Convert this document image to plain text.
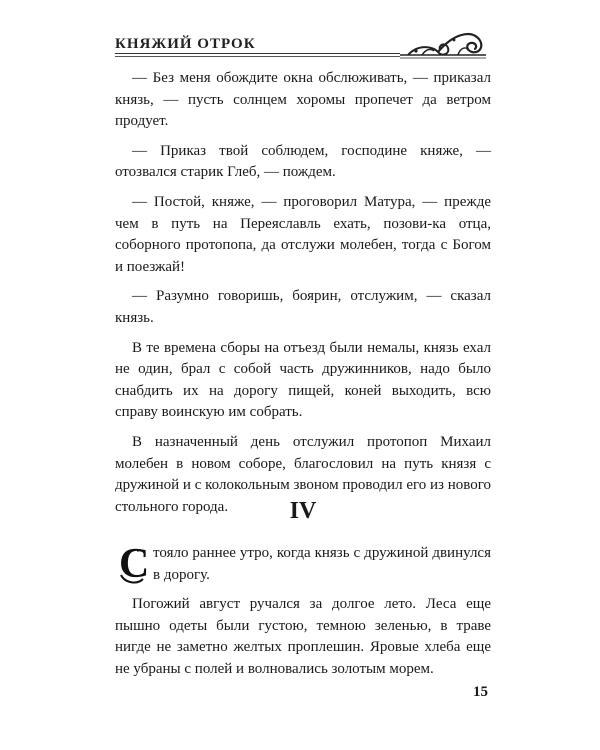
КНЯЖИЙ ОТРОК

— Без меня обождите окна обслюживать, — приказал князь, — пусть солнцем хоромы пропечет да ветром продует.

— Приказ твой соблюдем, господине княже, — отозвался старик Глеб, — пождем.

— Постой, княже, — проговорил Матура, — прежде чем в путь на Переяславль ехать, позови-ка отца, соборного протопопа, да отслужи молебен, тогда с Богом и поезжай!

— Разумно говоришь, боярин, отслужим, — сказал князь.

В те времена сборы на отъезд были немалы, князь ехал не один, брал с собой часть дружинников, надо было снабдить их на дорогу пищей, коней выходить, всю справу воинскую им собрать.

В назначенный день отслужил протопоп Михаил молебен в новом соборе, благословил на путь князя с дружиной и с колокольным звоном проводил его из нового стольного города.	IV

С тояло раннее утро, когда князь с дружиной двинулся в дорогу.

Погожий август ручался за долгое лето. Леса еще пышно одеты были густою, темною зеленью, в траве нигде не заметно желтых проплешин. Яровые хлеба еще не убраны с полей и волновались золотым морем.

15
